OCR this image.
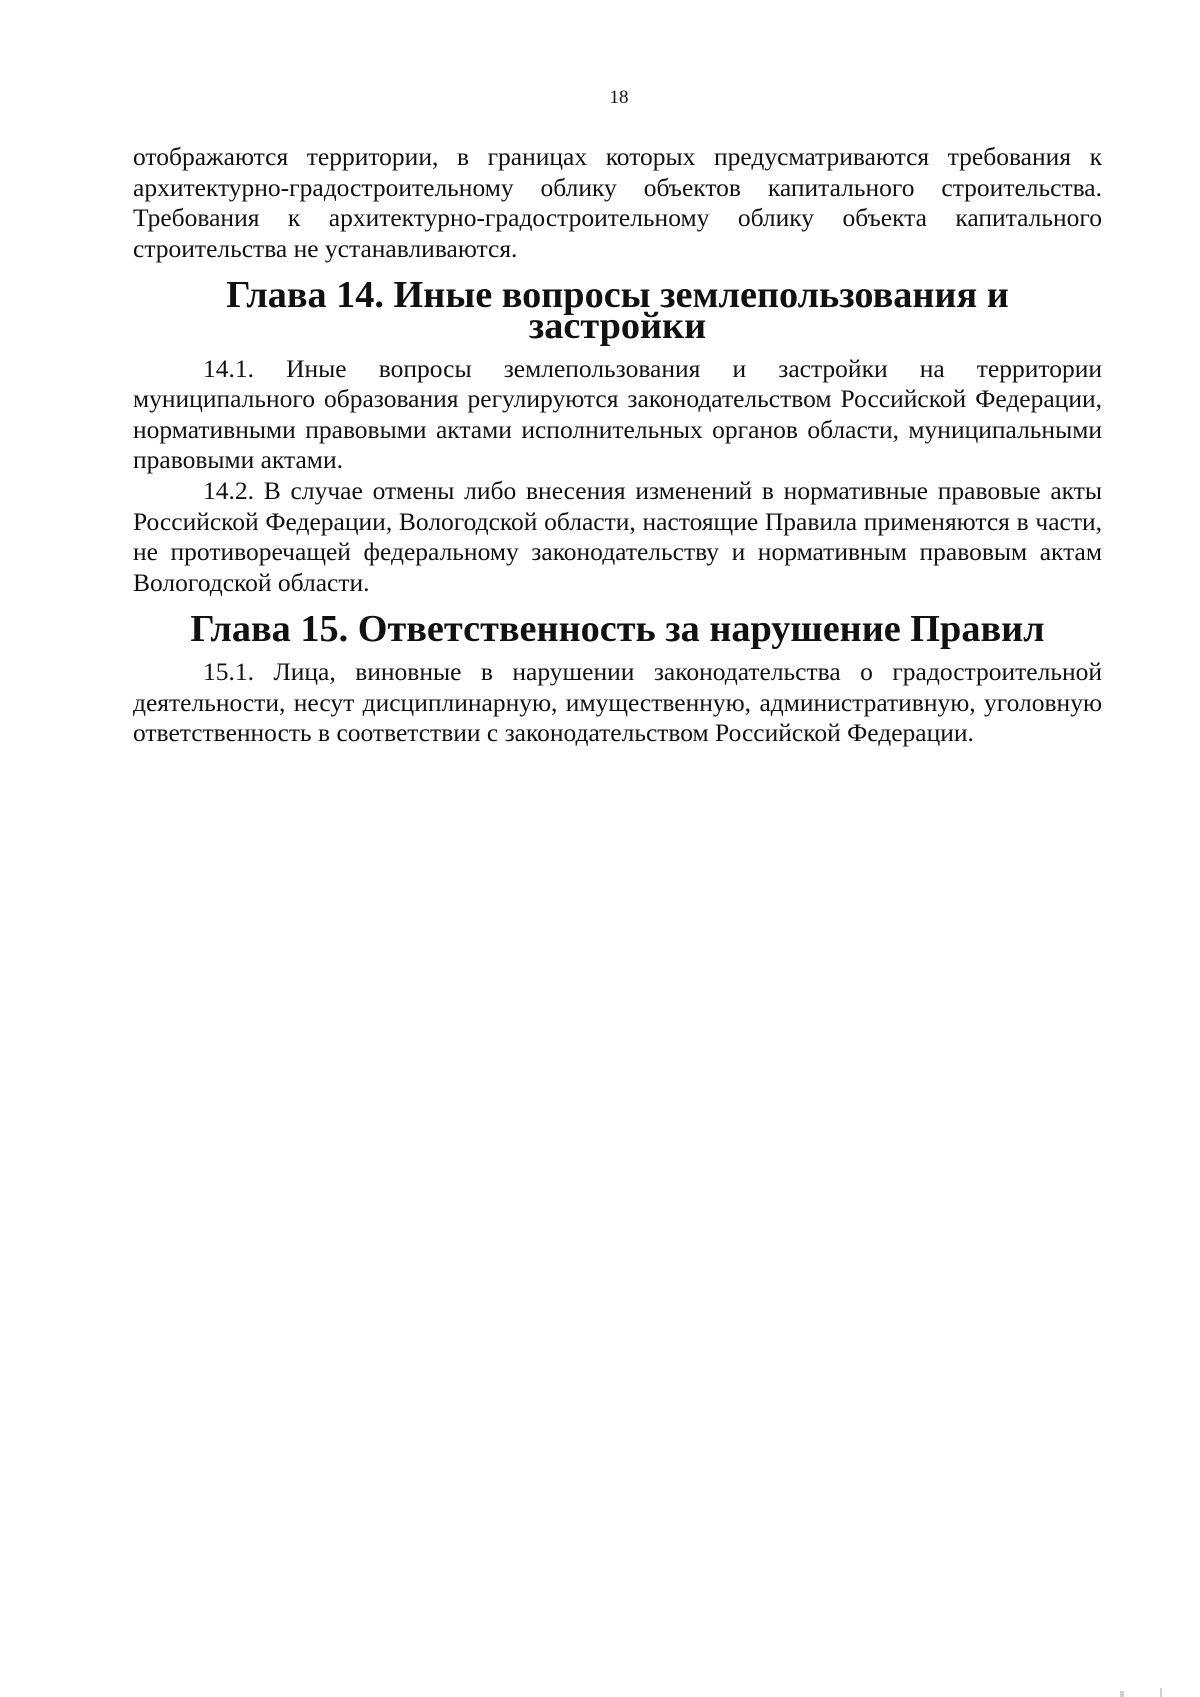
18

отображаются территории, в границах которых предусматриваются требования к архитектурно-градостроительному облику объектов капитального строительства. Требования к архитектурно-градостроительному облику объекта капитального строительства не устанавливаются.

Глава 14. Иные вопросы землепользования и застройки

14.1. Иные вопросы землепользования и застройки на территории муниципального образования регулируются законодательством Российской Федерации, нормативными правовыми актами исполнительных органов области, муниципальными правовыми актами.

14.2. В случае отмены либо внесения изменений в нормативные правовые акты Российской Федерации, Вологодской области, настоящие Правила применяются в части, не противоречащей федеральному законодательству и нормативным правовым актам Вологодской области.

Глава 15. Ответственность за нарушение Правил

15.1. Лица, виновные в нарушении законодательства о градостроительной деятельности, несут дисциплинарную, имущественную, административную, уголовную ответственность в соответствии с законодательством Российской Федерации.
